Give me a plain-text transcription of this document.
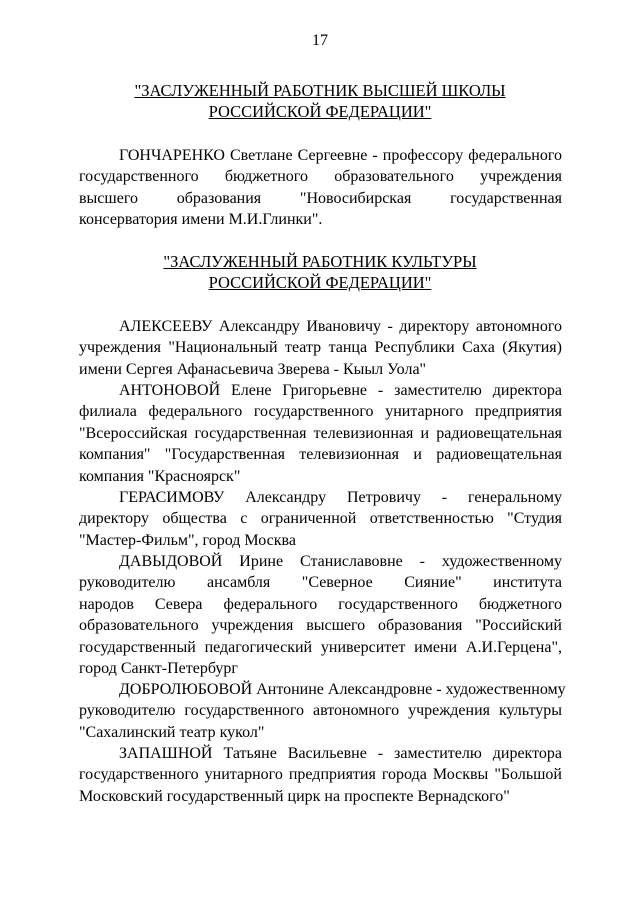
17
"ЗАСЛУЖЕННЫЙ РАБОТНИК ВЫСШЕЙ ШКОЛЫ
РОССИЙСКОЙ ФЕДЕРАЦИИ"
ГОНЧАРЕНКО Светлане Сергеевне - профессору федерального
государственного бюджетного образовательного учреждения
высшего образования "Новосибирская государственная
консерватория имени М.И.Глинки".
"ЗАСЛУЖЕННЫЙ РАБОТНИК КУЛЬТУРЫ
РОССИЙСКОЙ ФЕДЕРАЦИИ"
АЛЕКСЕЕВУ Александру Ивановичу - директору автономного
учреждения "Национальный театр танца Республики Саха (Якутия)
имени Сергея Афанасьевича Зверева - Кыыл Уола"
АНТОНОВОЙ Елене Григорьевне - заместителю директора
филиала федерального государственного унитарного предприятия
"Всероссийская государственная телевизионная и радиовещательная
компания" "Государственная телевизионная и радиовещательная
компания "Красноярск"
ГЕРАСИМОВУ Александру Петровичу - генеральному
директору общества с ограниченной ответственностью "Студия
"Мастер-Фильм", город Москва
ДАВЫДОВОЙ Ирине Станиславовне - художественному
руководителю ансамбля "Северное Сияние" института
народов Севера федерального государственного бюджетного
образовательного учреждения высшего образования "Российский
государственный педагогический университет имени А.И.Герцена",
город Санкт-Петербург
ДОБРОЛЮБОВОЙ Антонине Александровне - художественному
руководителю государственного автономного учреждения культуры
"Сахалинский театр кукол"
ЗАПАШНОЙ Татьяне Васильевне - заместителю директора
государственного унитарного предприятия города Москвы "Большой
Московский государственный цирк на проспекте Вернадского"
